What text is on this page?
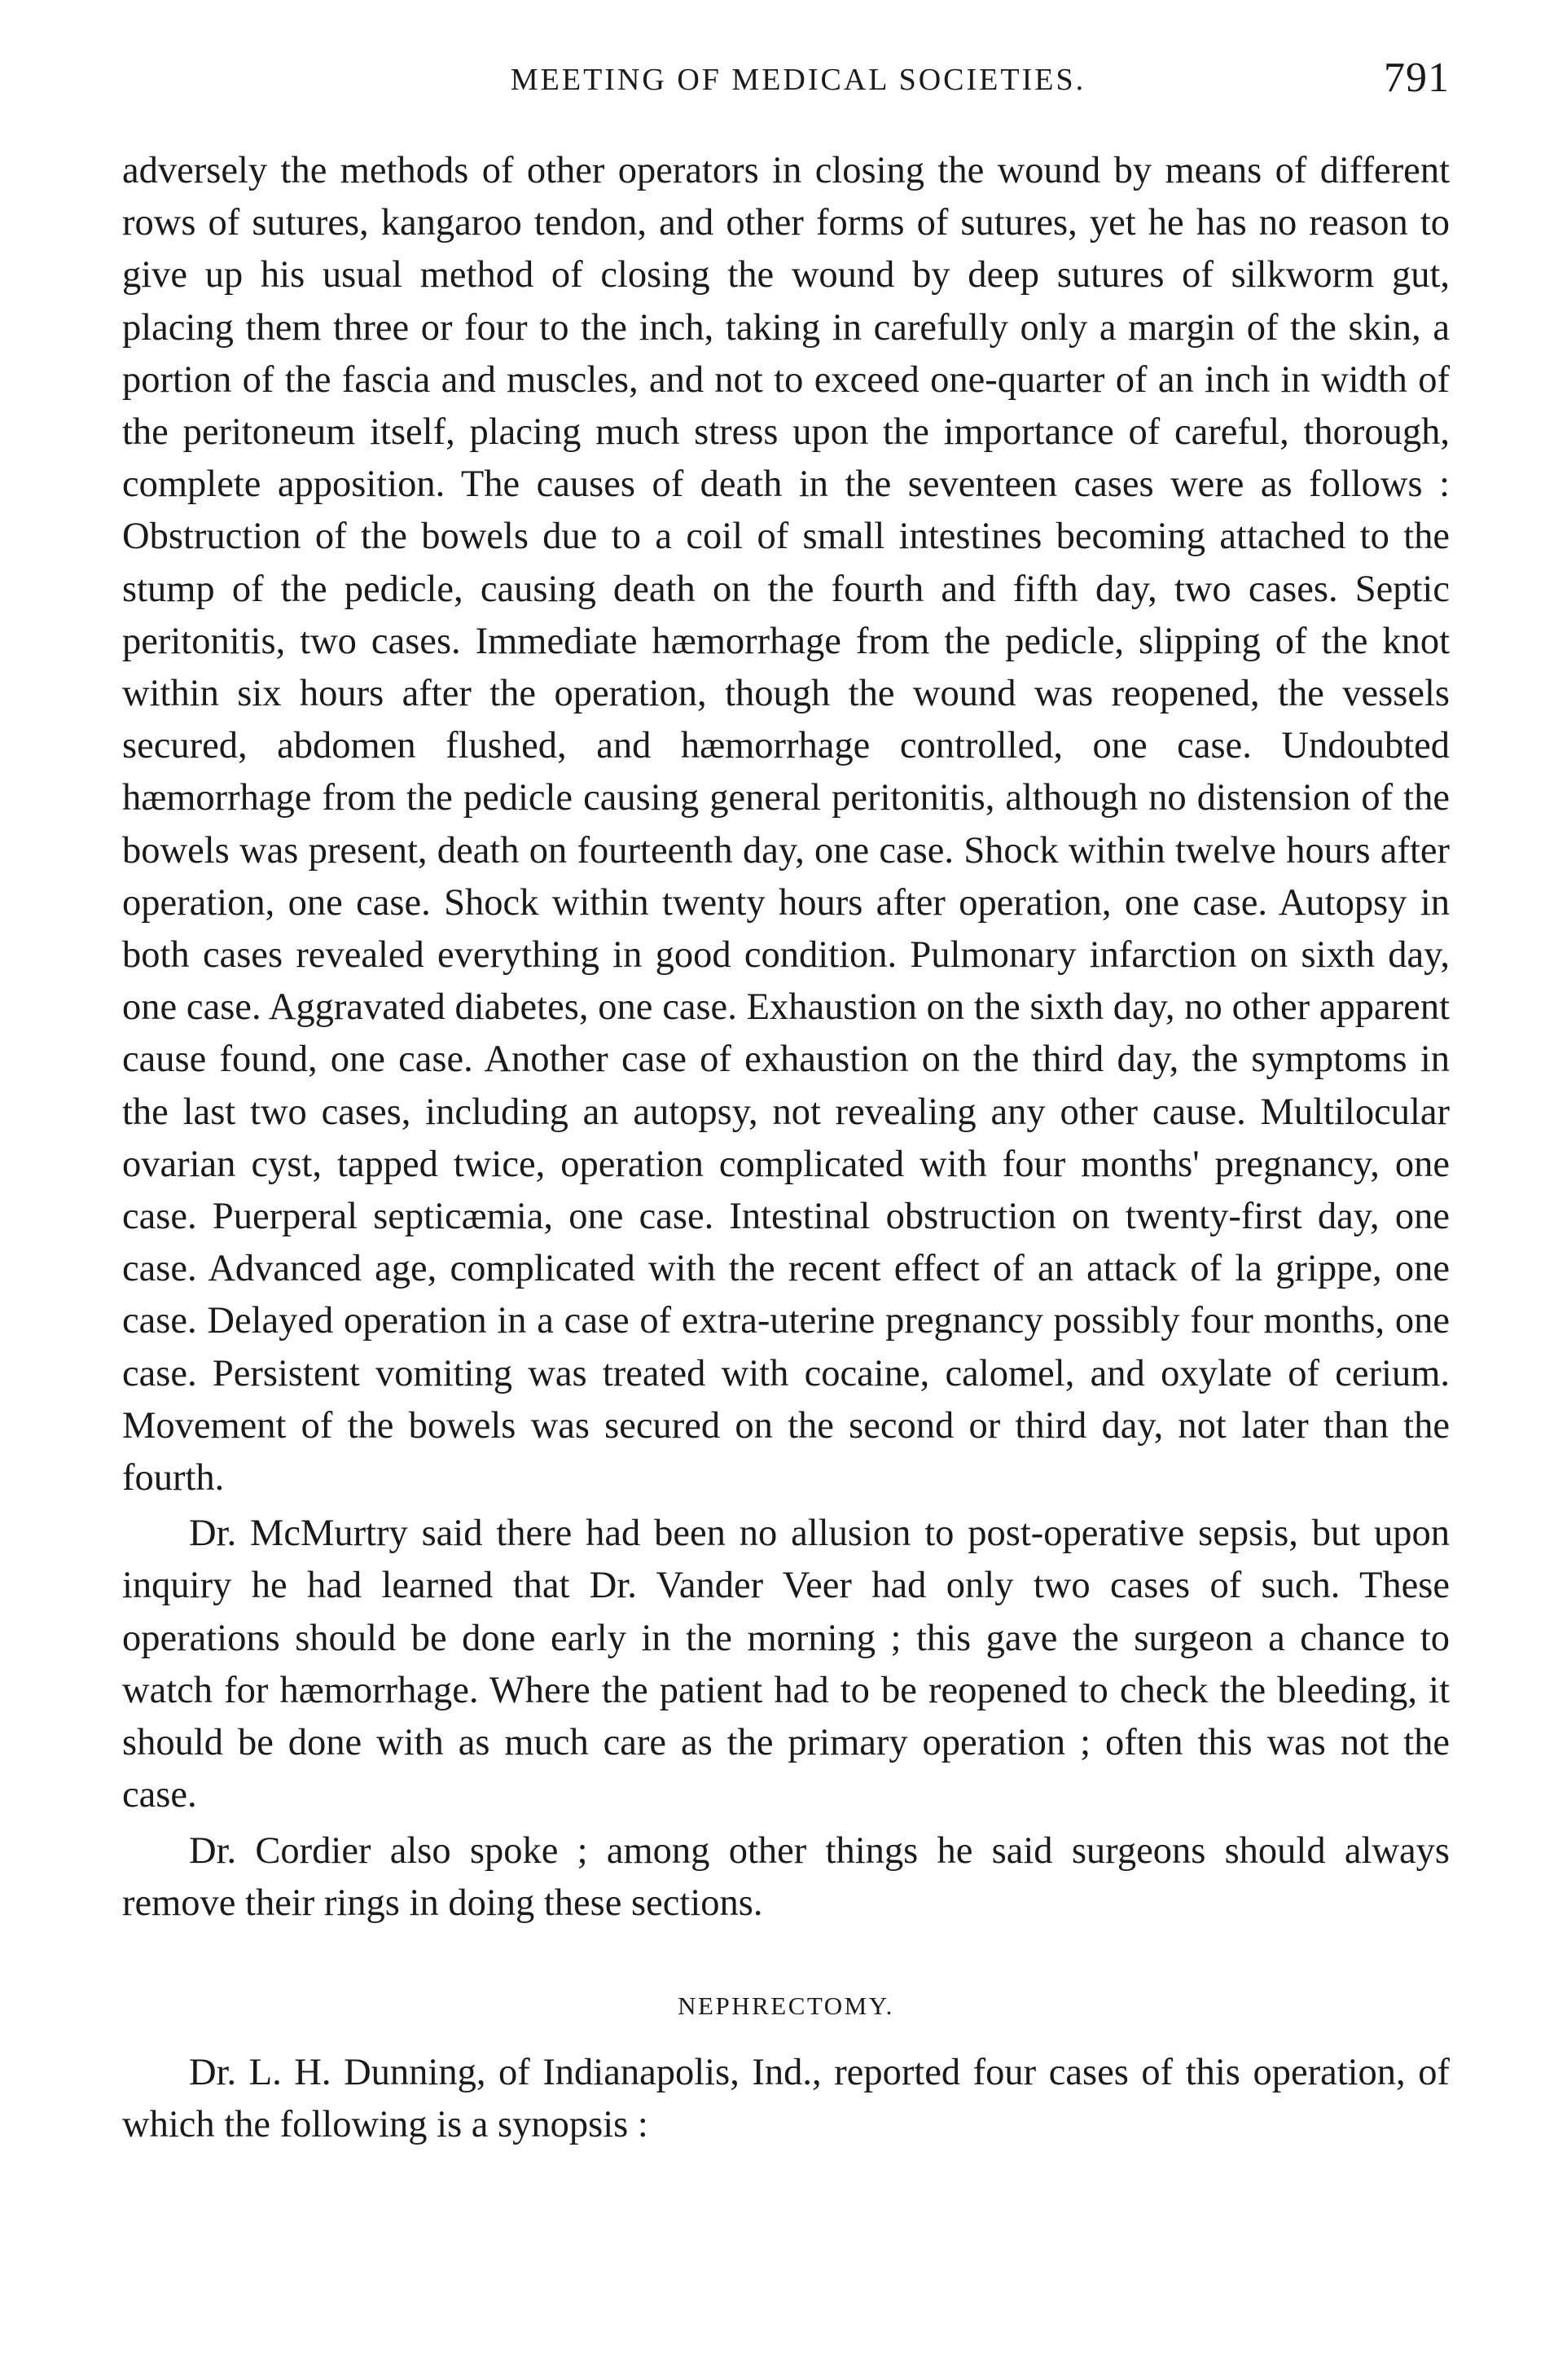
MEETING OF MEDICAL SOCIETIES.	791

adversely the methods of other operators in closing the wound by means of different rows of sutures, kangaroo tendon, and other forms of sutures, yet he has no reason to give up his usual method of closing the wound by deep sutures of silkworm gut, placing them three or four to the inch, taking in carefully only a margin of the skin, a portion of the fascia and muscles, and not to exceed one-quarter of an inch in width of the peritoneum itself, placing much stress upon the importance of careful, thorough, complete apposition. The causes of death in the seventeen cases were as follows : Obstruction of the bowels due to a coil of small intestines becoming attached to the stump of the pedicle, causing death on the fourth and fifth day, two cases. Septic peritonitis, two cases. Immediate hæmorrhage from the pedicle, slipping of the knot within six hours after the operation, though the wound was reopened, the vessels secured, abdomen flushed, and hæmorrhage controlled, one case. Undoubted hæmorrhage from the pedicle causing general peritonitis, although no distension of the bowels was present, death on fourteenth day, one case. Shock within twelve hours after operation, one case. Shock within twenty hours after operation, one case. Autopsy in both cases revealed everything in good condition. Pulmonary infarction on sixth day, one case. Aggravated diabetes, one case. Exhaustion on the sixth day, no other apparent cause found, one case. Another case of exhaustion on the third day, the symptoms in the last two cases, including an autopsy, not revealing any other cause. Multilocular ovarian cyst, tapped twice, operation complicated with four months' pregnancy, one case. Puerperal septicæmia, one case. Intestinal obstruction on twenty-first day, one case. Advanced age, complicated with the recent effect of an attack of la grippe, one case. Delayed operation in a case of extra-uterine pregnancy possibly four months, one case. Persistent vomiting was treated with cocaine, calomel, and oxylate of cerium. Movement of the bowels was secured on the second or third day, not later than the fourth.

Dr. McMurtry said there had been no allusion to post-operative sepsis, but upon inquiry he had learned that Dr. Vander Veer had only two cases of such. These operations should be done early in the morning ; this gave the surgeon a chance to watch for hæmorrhage. Where the patient had to be reopened to check the bleeding, it should be done with as much care as the primary operation ; often this was not the case.

Dr. Cordier also spoke ; among other things he said surgeons should always remove their rings in doing these sections.

NEPHRECTOMY.

Dr. L. H. Dunning, of Indianapolis, Ind., reported four cases of this operation, of which the following is a synopsis :
